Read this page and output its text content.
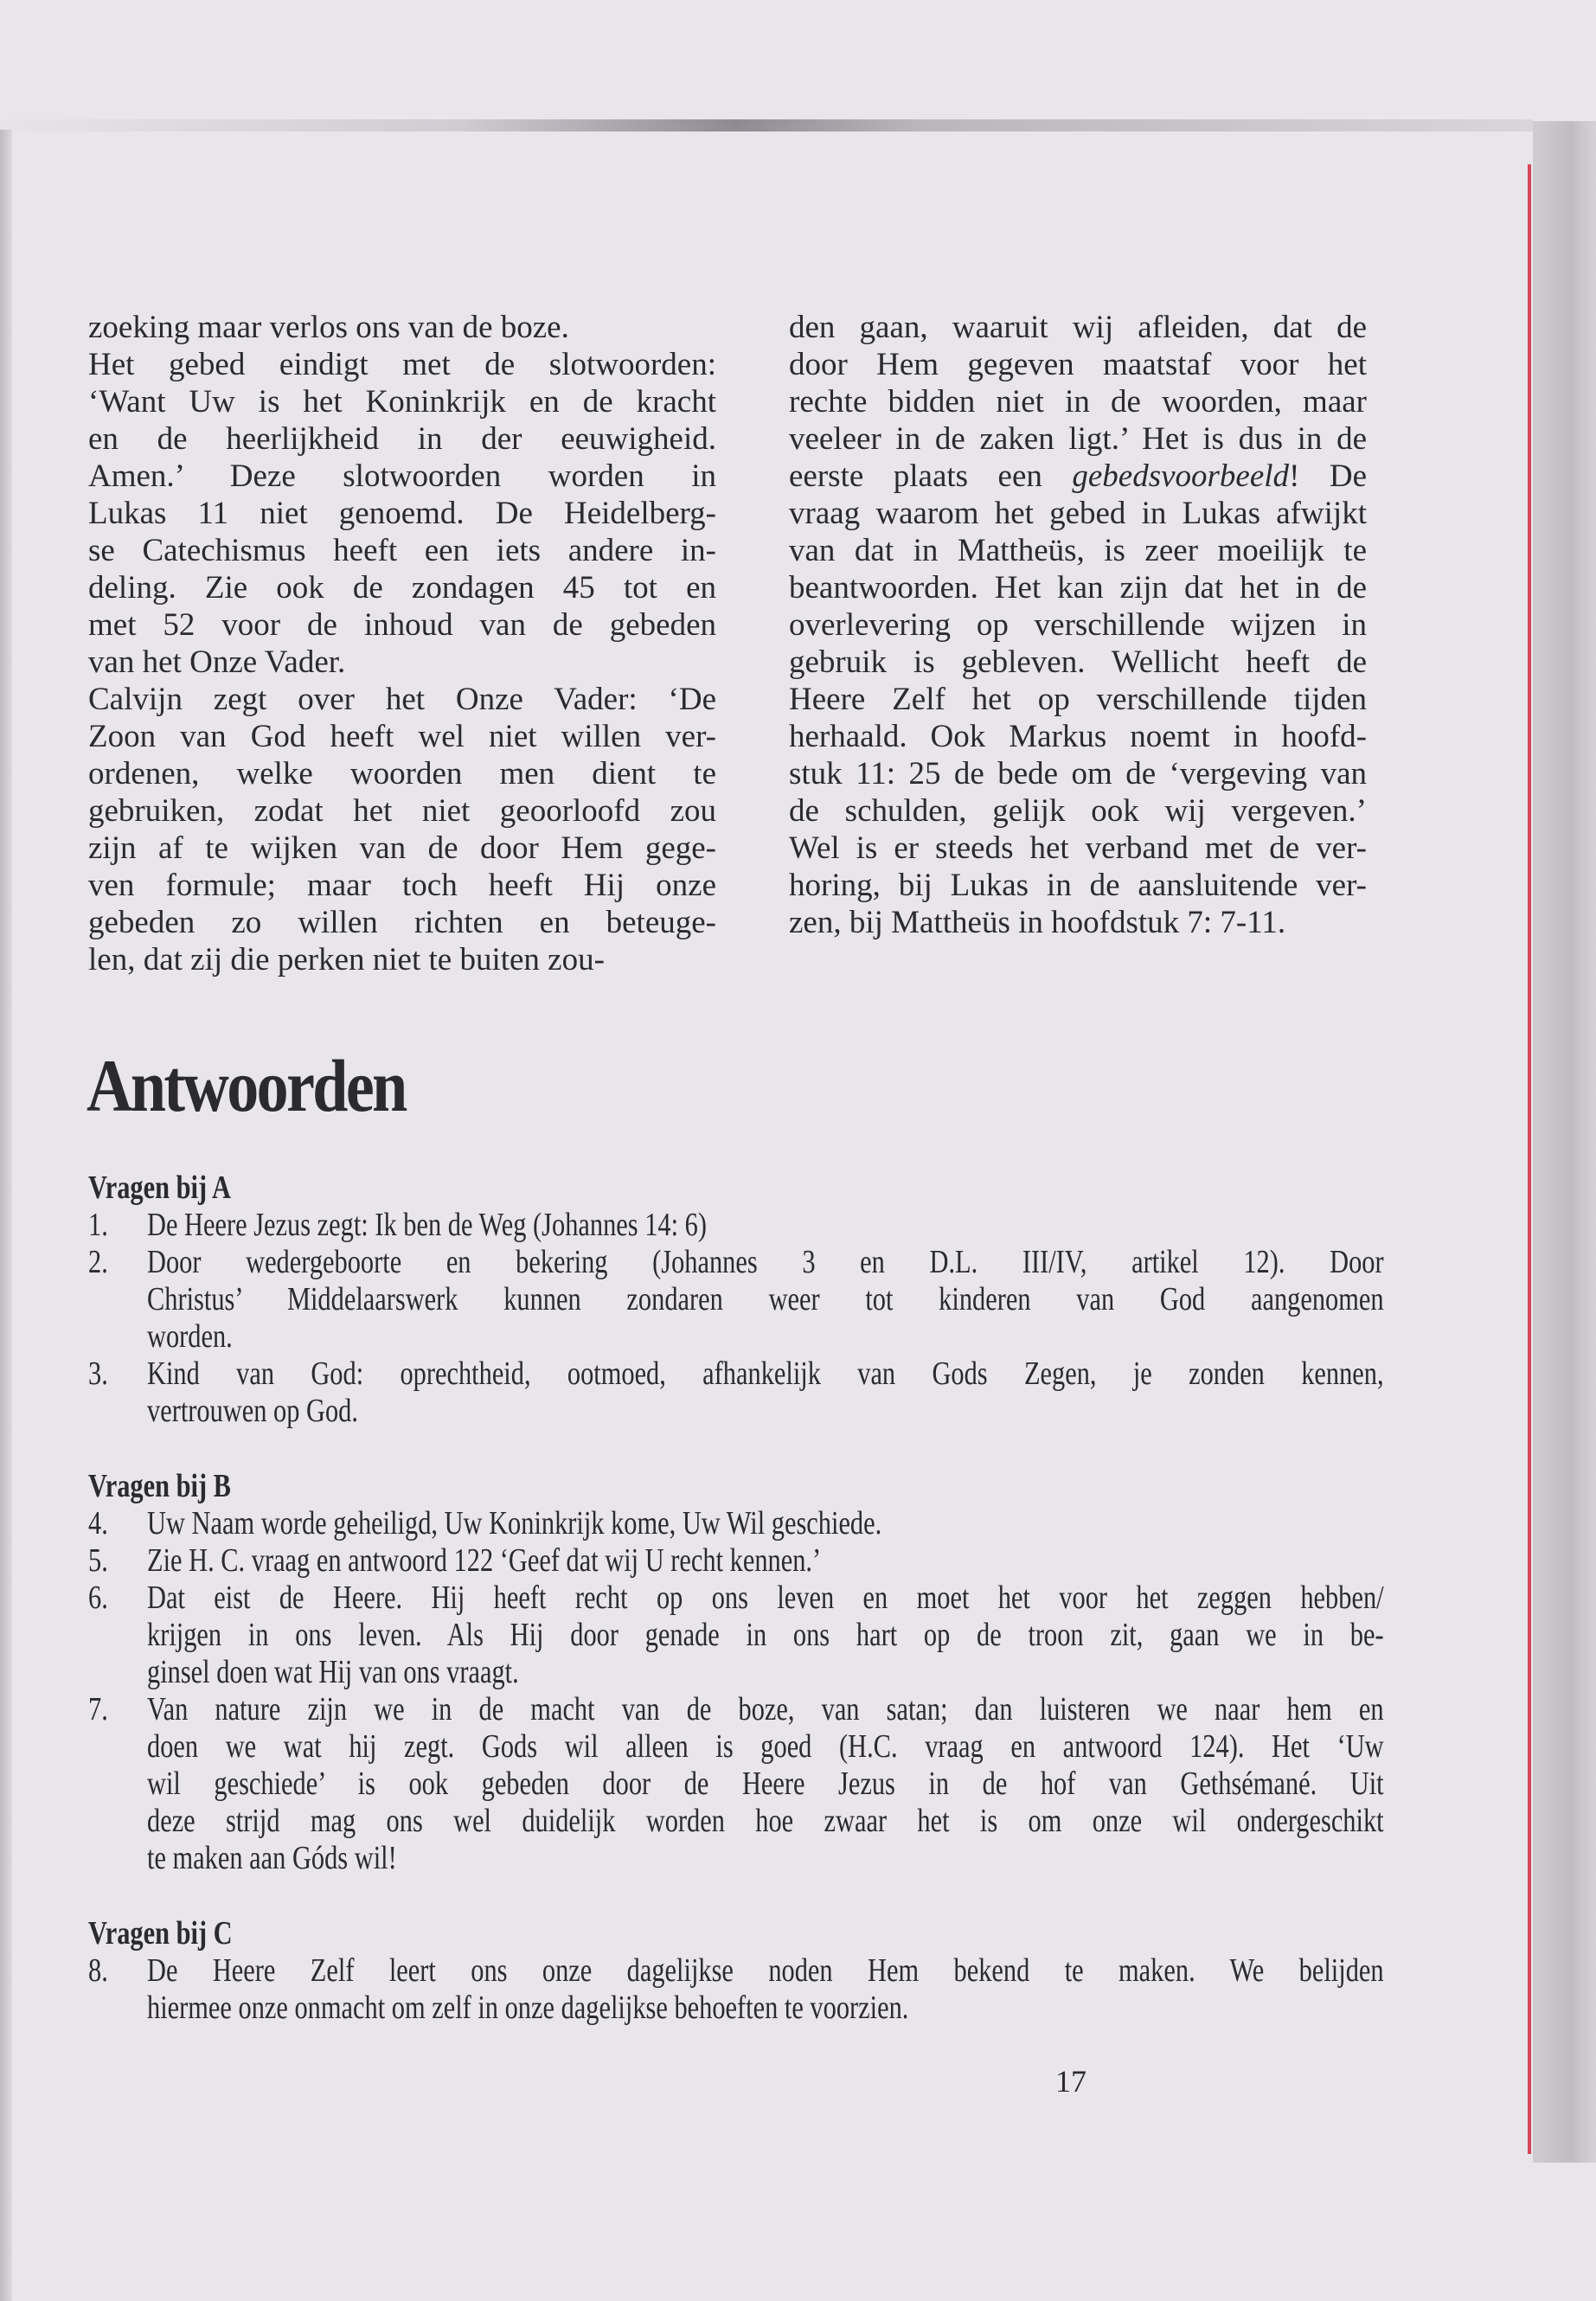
zoeking maar verlos ons van de boze.
Het gebed eindigt met de slotwoorden:
‘Want Uw is het Koninkrijk en de kracht
en de heerlijkheid in der eeuwigheid.
Amen.’ Deze slotwoorden worden in
Lukas 11 niet genoemd. De Heidelberg-
se Catechismus heeft een iets andere in-
deling. Zie ook de zondagen 45 tot en
met 52 voor de inhoud van de gebeden
van het Onze Vader.
Calvijn zegt over het Onze Vader: ‘De
Zoon van God heeft wel niet willen ver-
ordenen, welke woorden men dient te
gebruiken, zodat het niet geoorloofd zou
zijn af te wijken van de door Hem gege-
ven formule; maar toch heeft Hij onze
gebeden zo willen richten en beteuge-
len, dat zij die perken niet te buiten zou-
den gaan, waaruit wij afleiden, dat de
door Hem gegeven maatstaf voor het
rechte bidden niet in de woorden, maar
veeleer in de zaken ligt.’ Het is dus in de
eerste plaats een gebedsvoorbeeld! De
vraag waarom het gebed in Lukas afwijkt
van dat in Mattheüs, is zeer moeilijk te
beantwoorden. Het kan zijn dat het in de
overlevering op verschillende wijzen in
gebruik is gebleven. Wellicht heeft de
Heere Zelf het op verschillende tijden
herhaald. Ook Markus noemt in hoofd-
stuk 11: 25 de bede om de ‘vergeving van
de schulden, gelijk ook wij vergeven.’
Wel is er steeds het verband met de ver-
horing, bij Lukas in de aansluitende ver-
zen, bij Mattheüs in hoofdstuk 7: 7-11.
Antwoorden
Vragen bij A
1. De Heere Jezus zegt: Ik ben de Weg (Johannes 14: 6)
2. Door wedergeboorte en bekering (Johannes 3 en D.L. III/IV, artikel 12). Door
Christus’ Middelaarswerk kunnen zondaren weer tot kinderen van God aangenomen
worden.
3. Kind van God: oprechtheid, ootmoed, afhankelijk van Gods Zegen, je zonden kennen,
vertrouwen op God.
Vragen bij B
4. Uw Naam worde geheiligd, Uw Koninkrijk kome, Uw Wil geschiede.
5. Zie H. C. vraag en antwoord 122 ‘Geef dat wij U recht kennen.’
6. Dat eist de Heere. Hij heeft recht op ons leven en moet het voor het zeggen hebben/
krijgen in ons leven. Als Hij door genade in ons hart op de troon zit, gaan we in be-
ginsel doen wat Hij van ons vraagt.
7. Van nature zijn we in de macht van de boze, van satan; dan luisteren we naar hem en
doen we wat hij zegt. Gods wil alleen is goed (H.C. vraag en antwoord 124). Het ‘Uw
wil geschiede’ is ook gebeden door de Heere Jezus in de hof van Gethsémané. Uit
deze strijd mag ons wel duidelijk worden hoe zwaar het is om onze wil ondergeschikt
te maken aan Góds wil!
Vragen bij C
8. De Heere Zelf leert ons onze dagelijkse noden Hem bekend te maken. We belijden
hiermee onze onmacht om zelf in onze dagelijkse behoeften te voorzien.
17
